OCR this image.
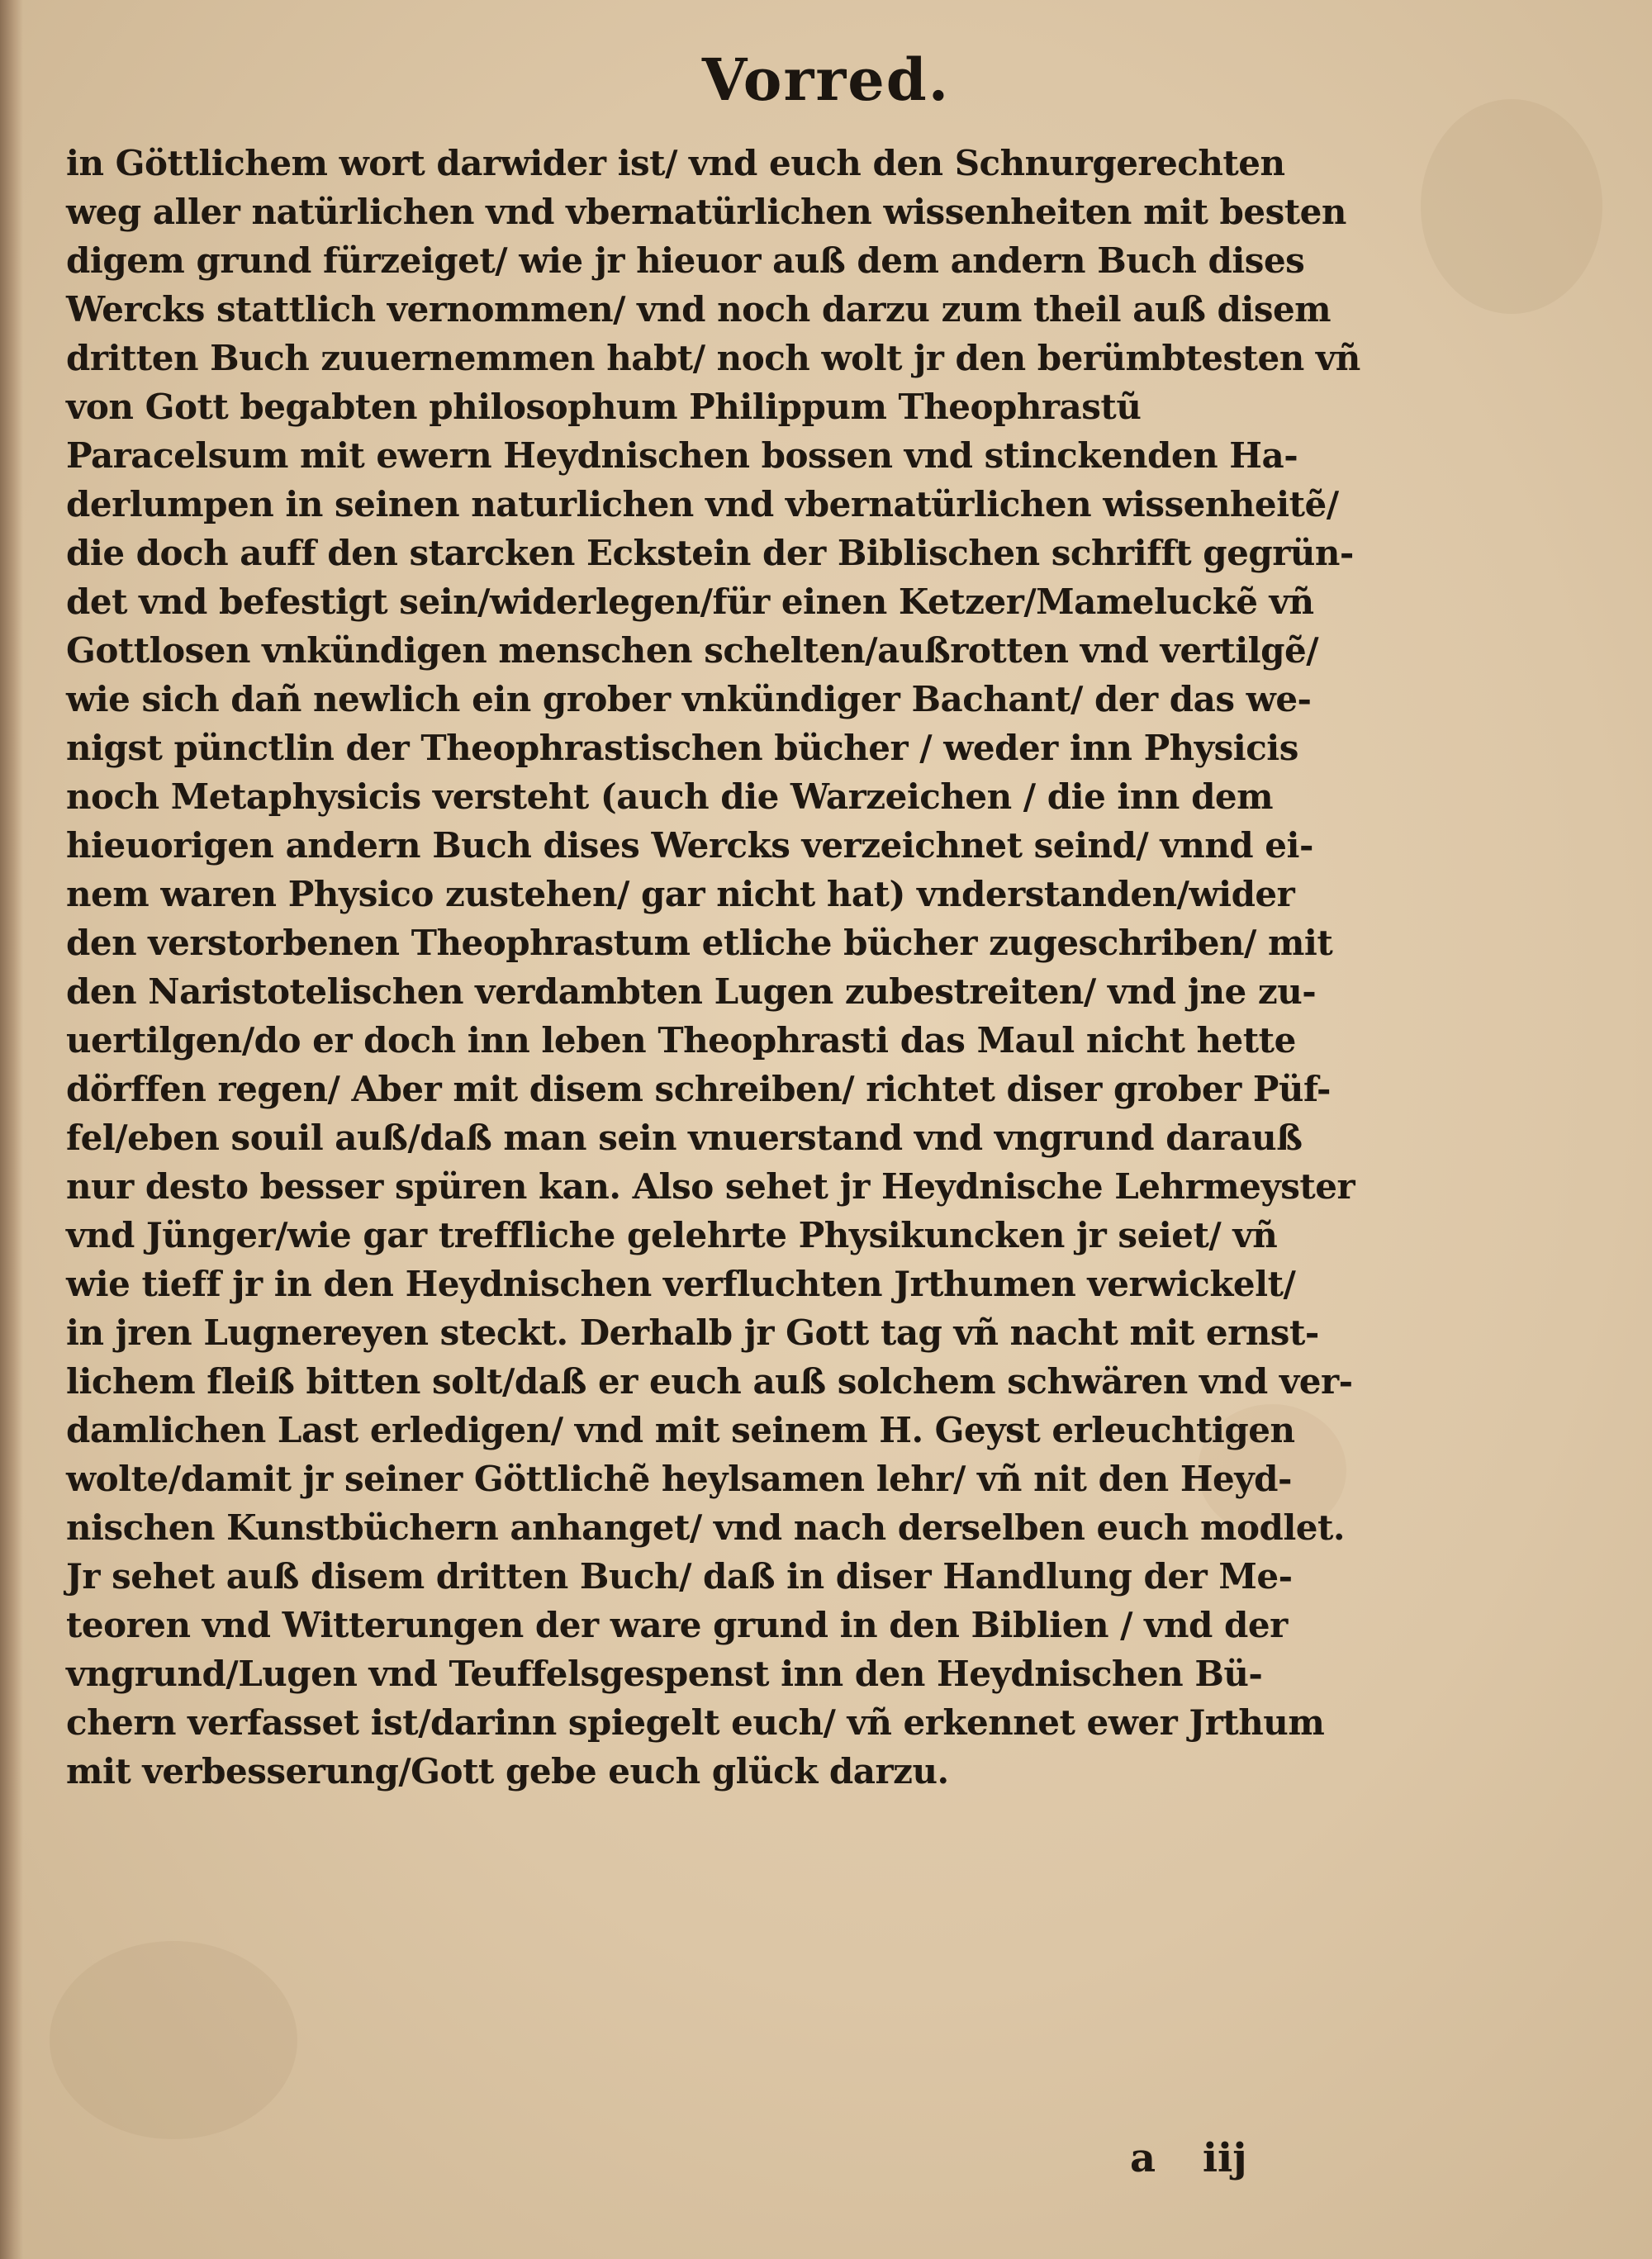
Vorred.
in Göttlichem wort darwider ist/ vnd euch den Schnurgerechten
weg aller natürlichen vnd vbernatürlichen wissenheiten mit besten
digem grund fürzeiget/ wie jr hieuor auß dem andern Buch dises
Wercks stattlich vernommen/ vnd noch darzu zum theil auß disem
dritten Buch zuuernemmen habt/ noch wolt jr den berümbtesten vñ
von Gott begabten philosophum Philippum Theophrastũ
Paracelsum mit ewern Heydnischen bossen vnd stinckenden Ha-
derlumpen in seinen naturlichen vnd vbernatürlichen wissenheitẽ/
die doch auff den starcken Eckstein der Biblischen schrifft gegrün-
det vnd befestigt sein/widerlegen/für einen Ketzer/Mameluckẽ vñ
Gottlosen vnkündigen menschen schelten/außrotten vnd vertilgẽ/
wie sich dañ newlich ein grober vnkündiger Bachant/ der das we-
nigst pünctlin der Theophrastischen bücher / weder inn Physicis
noch Metaphysicis versteht (auch die Warzeichen / die inn dem
hieuorigen andern Buch dises Wercks verzeichnet seind/ vnnd ei-
nem waren Physico zustehen/ gar nicht hat) vnderstanden/wider
den verstorbenen Theophrastum etliche bücher zugeschriben/ mit
den Naristotelischen verdambten Lugen zubestreiten/ vnd jne zu-
uertilgen/do er doch inn leben Theophrasti das Maul nicht hette
dörffen regen/ Aber mit disem schreiben/ richtet diser grober Püf-
fel/eben souil auß/daß man sein vnuerstand vnd vngrund darauß
nur desto besser spüren kan. Also sehet jr Heydnische Lehrmeyster
vnd Jünger/wie gar treffliche gelehrte Physikuncken jr seiet/ vñ
wie tieff jr in den Heydnischen verfluchten Jrthumen verwickelt/
in jren Lugnereyen steckt. Derhalb jr Gott tag vñ nacht mit ernst-
lichem fleiß bitten solt/daß er euch auß solchem schwären vnd ver-
damlichen Last erledigen/ vnd mit seinem H. Geyst erleuchtigen
wolte/damit jr seiner Göttlichẽ heylsamen lehr/ vñ nit den Heyd-
nischen Kunstbüchern anhanget/ vnd nach derselben euch modlet.
Jr sehet auß disem dritten Buch/ daß in diser Handlung der Me-
teoren vnd Witterungen der ware grund in den Biblien / vnd der
vngrund/Lugen vnd Teuffelsgespenst inn den Heydnischen Bü-
chern verfasset ist/darinn spiegelt euch/ vñ erkennet ewer Jrthum
mit verbesserung/Gott gebe euch glück darzu.
a iij
